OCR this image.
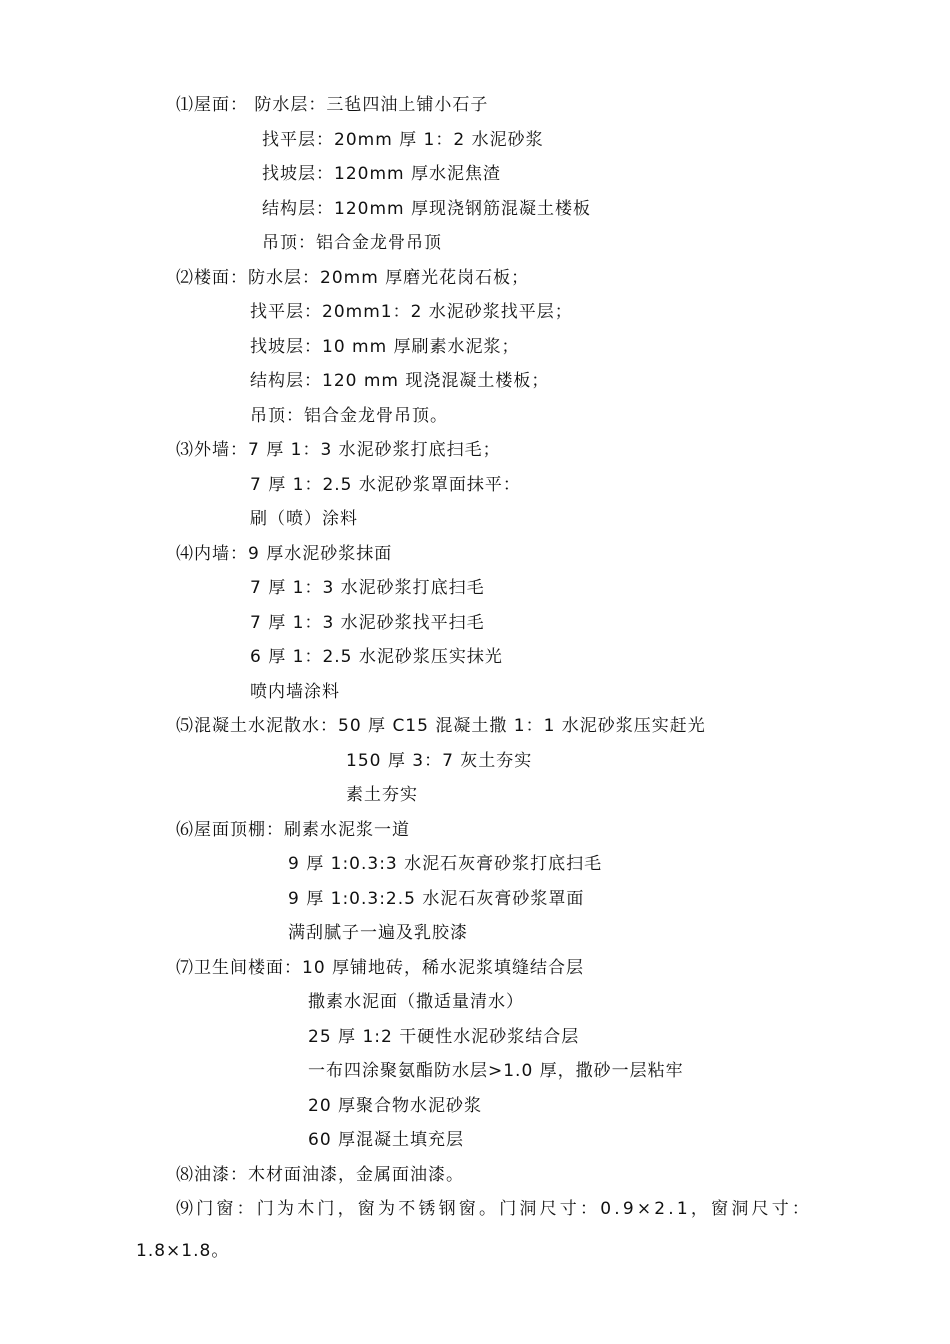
⑴屋面： 防水层：三毡四油上铺小石子
找平层：20mm 厚 1：2 水泥砂浆
找坡层：120mm 厚水泥焦渣
结构层：120mm 厚现浇钢筋混凝土楼板
吊顶：铝合金龙骨吊顶
⑵楼面：防水层：20mm 厚磨光花岗石板；
找平层：20mm1：2 水泥砂浆找平层；
找坡层：10 mm 厚刷素水泥浆；
结构层：120 mm 现浇混凝土楼板；
吊顶：铝合金龙骨吊顶。
⑶外墙：7 厚 1：3 水泥砂浆打底扫毛；
7 厚 1：2.5 水泥砂浆罩面抹平：
刷（喷）涂料
⑷内墙：9 厚水泥砂浆抹面
7 厚 1：3 水泥砂浆打底扫毛
7 厚 1：3 水泥砂浆找平扫毛
6 厚 1：2.5 水泥砂浆压实抹光
喷内墙涂料
⑸混凝土水泥散水：50 厚 C15 混凝土撒 1：1 水泥砂浆压实赶光
150 厚 3：7 灰土夯实
素土夯实
⑹屋面顶棚：刷素水泥浆一道
9 厚 1:0.3:3 水泥石灰膏砂浆打底扫毛
9 厚 1:0.3:2.5 水泥石灰膏砂浆罩面
满刮腻子一遍及乳胶漆
⑺卫生间楼面：10 厚铺地砖，稀水泥浆填缝结合层
撒素水泥面（撒适量清水）
25 厚 1:2 干硬性水泥砂浆结合层
一布四涂聚氨酯防水层>1.0 厚，撒砂一层粘牢
20 厚聚合物水泥砂浆
60 厚混凝土填充层
⑻油漆：木材面油漆，金属面油漆。
⑼门窗：门为木门，窗为不锈钢窗。门洞尺寸：0.9×2.1，窗洞尺寸：
1.8×1.8。
